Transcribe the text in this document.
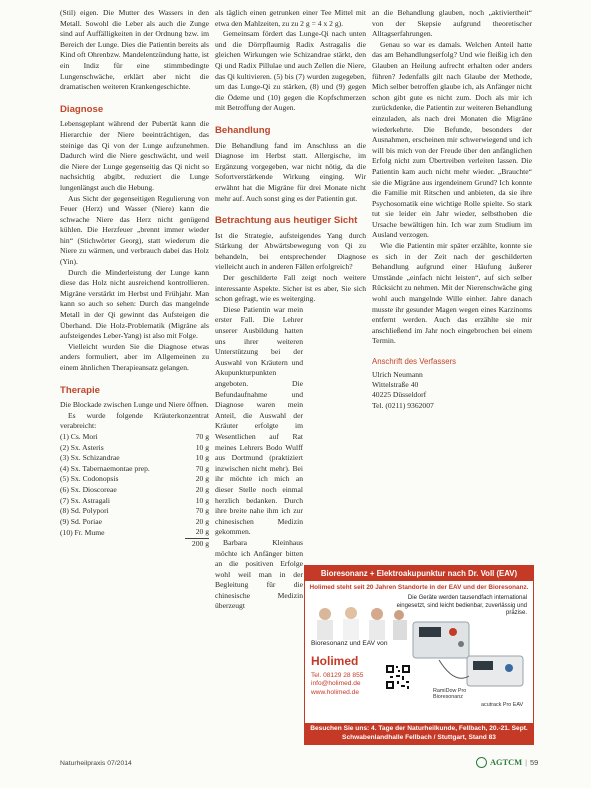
(Stil) eigen. Die Mutter des Wassers in den Metall. Sowohl die Leber als auch die Zunge sind auf Auffälligkeiten in der Ordnung bzw. im Bereich der Lunge. Dies die Patientin bereits als Kind oft Ohrenbzw. Mandelentzündung hatte, ist ein Indiz für eine stimmbedingte Lungenschwäche, erklärt aber nicht die dramatischen weiteren Krankengeschichte.

Diagnose

Lebensgeplant während der Pubertät kann die Hierarchie der Niere beeinträchtigen, das steinige das Qi von der Lunge aufzunehmen. Dadurch wird die Niere geschwächt, und weil die Niere der Lunge gegenseitig das Qi nicht so nachsichtig abgibt, reduziert die Lunge lungenlängst auch die Hebung.

Aus Sicht der gegenseitigen Regulierung von Feuer (Herz) und Wasser (Niere) kann die schwache Niere das Herz nicht genügend kühlen. Die Herzfeuer „brennt immer wieder hin“ (Stichwörter Georg), statt wiederum die Niere zu wärmen, und verbrauch dabei das Holz (Yin).

Durch die Minderleistung der Lunge kann diese das Holz nicht ausreichend kontrollieren. Migräne verstärkt im Herbst und Frühjahr. Man kann so auch so sehen: Durch das mangelnde Metall in der Qi gewinnt das Aufsteigen die Überhand. Die Holz-Problematik (Migräne als aufsteigendes Leber-Yang) ist also mit Folge.

Vielleicht wurden Sie die Diagnose etwas anders formuliert, aber im Allgemeinen zu einem ähnlichen Therapieansatz gelangen.

Therapie

Die Blockade zwischen Lunge und Niere öffnen.

Es wurde folgende Kräuterkonzentrat verabreicht:

(1) Cs. Mori	70 g
(2) Sx. Asteris	10 g
(3) Sx. Schizandrae	10 g
(4) Sx. Tabernaemontae prep.	70 g
(5) Sx. Codonopsis	20 g
(6) Sx. Dioscoreae	20 g
(7) Sx. Astragali	10 g
(8) Sd. Polypori	70 g
(9) Sd. Poriae	20 g
(10) Fr. Mume	20 g
	200 g

als täglich einen getrunken einer Tee Mittel mit etwa den Mahlzeiten, zu zu 2 g = 4 x 2 g).

Gemeinsam fördert das Lunge-Qi nach unten und die Dörrpflaumig Radix Astragalis die gleichen Wirkungen wie Schizandrae stärkt, den Qi und Radix Pillulae und auch Zellen die Niere, das Qi kultivieren. (5) bis (7) wurden zugegeben, um das Lunge-Qi zu stärken, (8) und (9) gegen die Ödeme und (10) gegen die Kopfschmerzen mit Betroffung der Augen.

Behandlung

Die Behandlung fand im Anschluss an die Diagnose im Herbst statt. Allergische, im Ergänzung vorgegeben, war nicht nötig, da die Sofortverstärkende Wirkung einging. Wir erwähnt hat die Migräne für drei Monate nicht mehr auf. Auch sonst ging es der Patientin gut.

Betrachtung aus heutiger Sicht

Ist die Strategie, aufsteigendes Yang durch Stärkung der Abwärtsbewegung von Qi zu behandeln, bei entsprechender Diagnose vielleicht auch in anderen Fällen erfolgreich?

Der geschilderte Fall zeigt noch weitere interessante Aspekte. Sicher ist es aber, Sie sich schon gefragt, wie es weiterging.

Diese Patientin war mein erster Fall. Die Lehrer unserer Ausbildung hatten uns ihrer weiteren Unterstützung bei der Auswahl von Kräutern und Akupunkturpunkten angeboten. Die Befundaufnahme und Diagnose waren mein Anteil, die Auswahl der Kräuter erfolgte im Wesentlichen auf Rat meines Lehrers Bodo Wulff aus Dortmund (praktiziert inzwischen nicht mehr). Bei ihr möchte ich mich an dieser Stelle noch einmal herzlich bedanken. Durch ihre breite nahe ihm ich zur chinesischen Medizin gekommen.

Barbara Kleinhaus möchte ich Anfänger bitten an die positiven Erfolge wohl weil man in der Begleitung für die chinesische Medizin überzeugt

an die Behandlung glauben, noch „aktiviertheit“ von der Skepsie aufgrund theoretischer Alltagserfahrungen.

Genau so war es damals. Welchen Anteil hatte das am Behandlungserfolg? Und wie fleißig ich den Glauben an Heilung aufrecht erhalten oder anders führen? Jedenfalls gilt nach Glaube der Methode, Mich selber betroffen glaube ich, als Anfänger nicht schon gibt gute es nicht zum. Doch als mir ich zurückdenke, die Patientin zur weiteren Behandlung einzuladen, als nach drei Monaten die Migräne wiederkehrte. Die Befunde, besonders der Ausnahmen, erscheinen mir schwerwiegend und ich will bis mich von der Freude über den anfänglichen Erfolg nicht zum Übertreiben verleiten lassen. Die Patientin kam auch nicht mehr wieder. „Brauchte“ sie die Migräne aus irgendeinem Grund? Ich konnte die Familie mit Ritschen und anbieten, da sie ihre Psychosomatik eine wichtige Rolle spielte. So stark tut sie leider ein Jahr wieder, selbsthoben die Ursache bewältigen hin. Ich war zum Studium im Ausland verzogen.

Wie die Patientin mir später erzählte, konnte sie es sich in der Zeit nach der geschilderten Behandlung aufgrund einer Häufung äußerer Umstände „einfach nicht leisten“, auf sich selber Rücksicht zu nehmen. Mit der Nierenschwäche ging wohl auch mangelnde Wille einher. Jahre danach musste ihr gesunder Magen wegen eines Karzinoms entfernt werden. Auch das erzählte sie mir anschließend im Jahr noch eingebrochen bei einem Termin.

Anschrift des Verfassers
Ulrich Neumann
Wittelstraße 40
40225 Düsseldorf
Tel. (0211) 9362007
Bioresonanz + Elektroakupunktur nach Dr. Voll (EAV)
Holimed steht seit 20 Jahren Standorte in der EAV und der Bioresonanz.
Die Geräte werden tausendfach international eingesetzt, sind leicht bedienbar, zuverlässig und präzise.
Bioresonanz und EAV von
Holimed
Tel. 08129 28 855
info@holimed.de
www.holimed.de	RamiDow Pro
Bioresonanz
acutrack Pro EAV
Besuchen Sie uns: 4. Tage der Naturheilkunde, Fellbach, 20.-21. Sept.
Schwabenlandhalle Fellbach / Stuttgart, Stand 83
Naturheilpraxis 07/2014	AGTCM | 59
